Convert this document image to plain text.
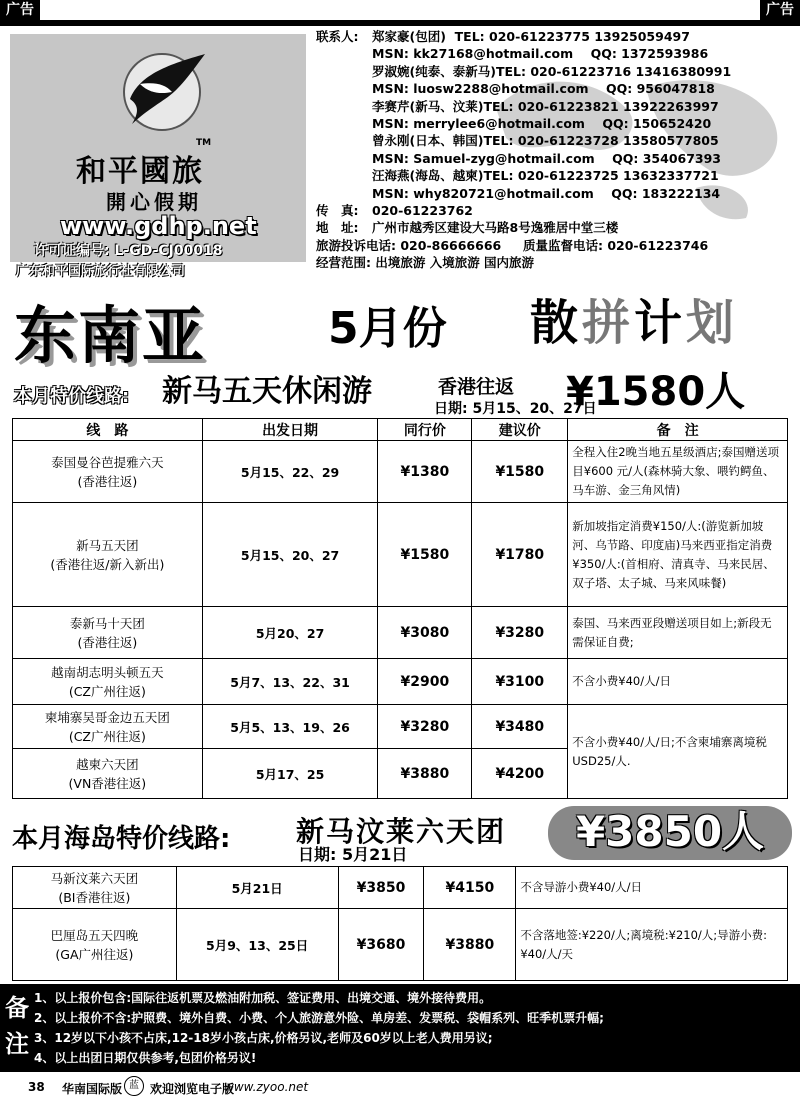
广告	广告
和平國旅
TM
開心假期
www.gdhp.net
许可证编号: L-GD-CJ00018
广东和平国际旅行社有限公司
GuangDong International Tourism Co.,LTD
联系人: 郑家豪(包团) TEL: 020-61223775 13925059497
MSN: kk27168@hotmail.com QQ: 1372593986
罗淑婉(纯泰、泰新马)TEL: 020-61223716 13416380991
MSN: luosw2288@hotmail.com QQ: 956047818
李赛芹(新马、汶莱)TEL: 020-61223821 13922263997
MSN: merrylee6@hotmail.com QQ: 150652420
曾永刚(日本、韩国)TEL: 020-61223728 13580577805
MSN: Samuel-zyg@hotmail.com QQ: 354067393
汪海燕(海岛、越柬)TEL: 020-61223725 13632337721
MSN: why820721@hotmail.com QQ: 183222134
传　真: 020-61223762
地　址: 广州市越秀区建设大马路8号逸雅居中堂三楼
旅游投诉电话: 020-86666666 质量监督电话: 020-61223746
经营范围: 出境旅游 入境旅游 国内旅游
东南亚	5月份 散拼计划
本月特价线路: 新马五天休闲游	香港往返
日期: 5月15、20、27日
¥1580人
线　路	出发日期	同行价	建议价	备　注

泰国曼谷芭提雅六天
(香港往返)	5月15、22、29	¥1380	¥1580	全程入住2晚当地五星级酒店;泰国赠送项目¥600 元/人(森林骑大象、喂钓鳄鱼、马车游、金三角风情)

新马五天团
(香港往返/新入新出)	5月15、20、27	¥1580	¥1780	新加坡指定消费¥150/人:(游览新加坡河、乌节路、印度庙)马来西亚指定消费¥350/人:(首相府、清真寺、马来民居、双子塔、太子城、马来风味餐)

泰新马十天团
(香港往返)	5月20、27	¥3080	¥3280	泰国、马来西亚段赠送项目如上;新段无需保证自费;

越南胡志明头顿五天
(CZ广州往返)	5月7、13、22、31	¥2900	¥3100	不含小费¥40/人/日

柬埔寨吴哥金边五天团
(CZ广州往返)	5月5、13、19、26	¥3280	¥3480	不含小费¥40/人/日;不含柬埔寨离境税USD25/人.

越柬六天团
(VN香港往返)	5月17、25	¥3880	¥4200	
本月海岛特价线路: 新马汶莱六天团
日期: 5月21日	¥3850人
马新汶莱六天团
(BI香港往返)	5月21日	¥3850	¥4150	不含导游小费¥40/人/日

巴厘岛五天四晚
(GA广州往返)	5月9、13、25日	¥3680	¥3880	不含落地签:¥220/人;离境税:¥210/人;导游小费:¥40/人/天
备
注
1、以上报价包含:国际往返机票及燃油附加税、签证费用、出境交通、境外接待费用。
2、以上报价不含:护照费、境外自费、小费、个人旅游意外险、单房差、发票税、袋帽系列、旺季机票升幅;
3、12岁以下小孩不占床,12-18岁小孩占床,价格另议,老师及60岁以上老人费用另议;
4、以上出团日期仅供参考,包团价格另议!
38 华南国际版 蓝 欢迎浏览电子版
www.zyoo.net
